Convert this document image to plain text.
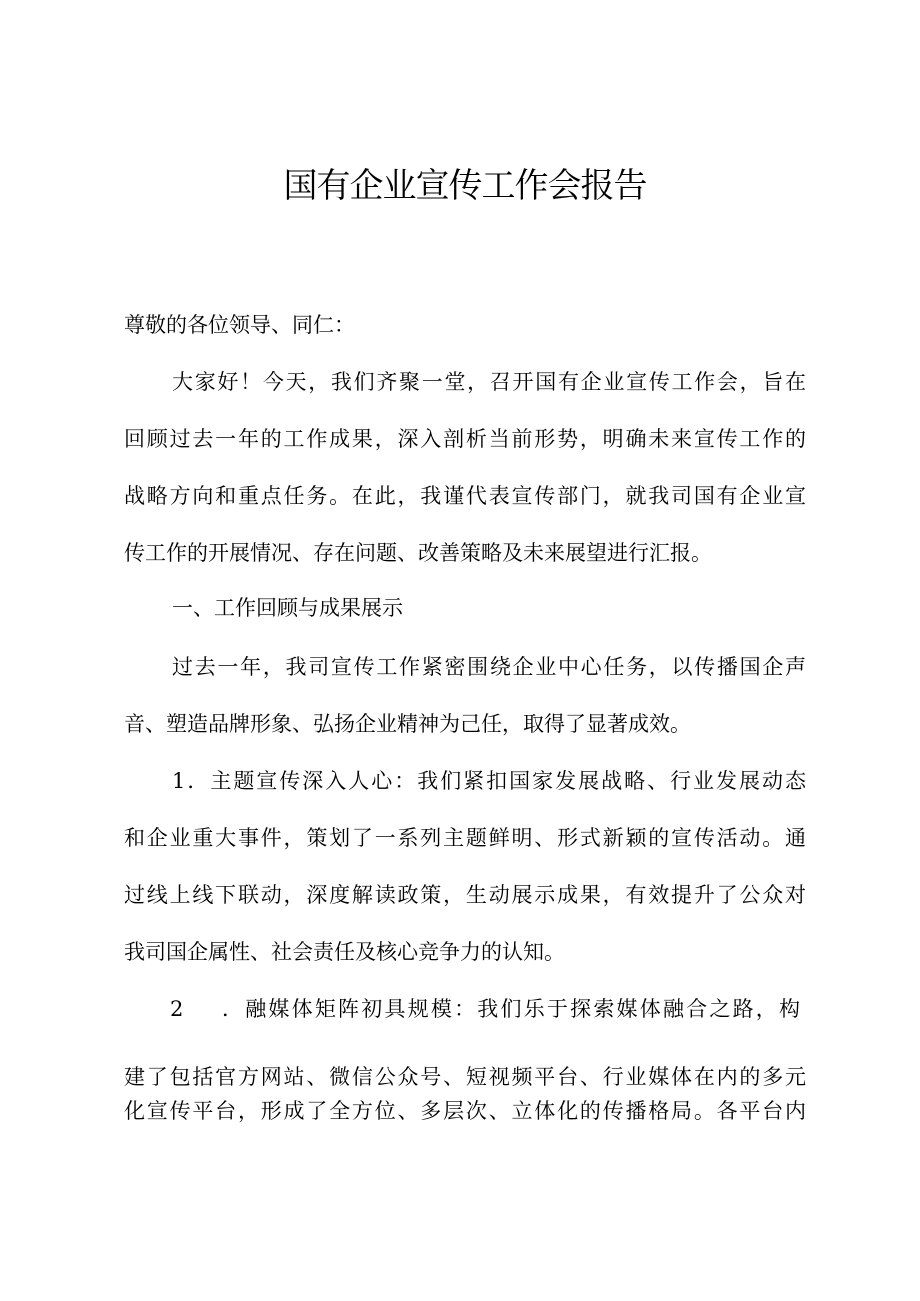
国有企业宣传工作会报告

尊敬的各位领导、同仁：

大家好！今天，我们齐聚一堂，召开国有企业宣传工作会，旨在

回顾过去一年的工作成果，深入剖析当前形势，明确未来宣传工作的

战略方向和重点任务。在此，我谨代表宣传部门，就我司国有企业宣

传工作的开展情况、存在问题、改善策略及未来展望进行汇报。

一、工作回顾与成果展示

过去一年，我司宣传工作紧密围绕企业中心任务，以传播国企声

音、塑造品牌形象、弘扬企业精神为己任，取得了显著成效。

1．主题宣传深入人心：我们紧扣国家发展战略、行业发展动态

和企业重大事件，策划了一系列主题鲜明、形式新颖的宣传活动。通

过线上线下联动，深度解读政策，生动展示成果，有效提升了公众对

我司国企属性、社会责任及核心竞争力的认知。

2 ．融媒体矩阵初具规模：我们乐于探索媒体融合之路，构

建了包括官方网站、微信公众号、短视频平台、行业媒体在内的多元

化宣传平台，形成了全方位、多层次、立体化的传播格局。各平台内
